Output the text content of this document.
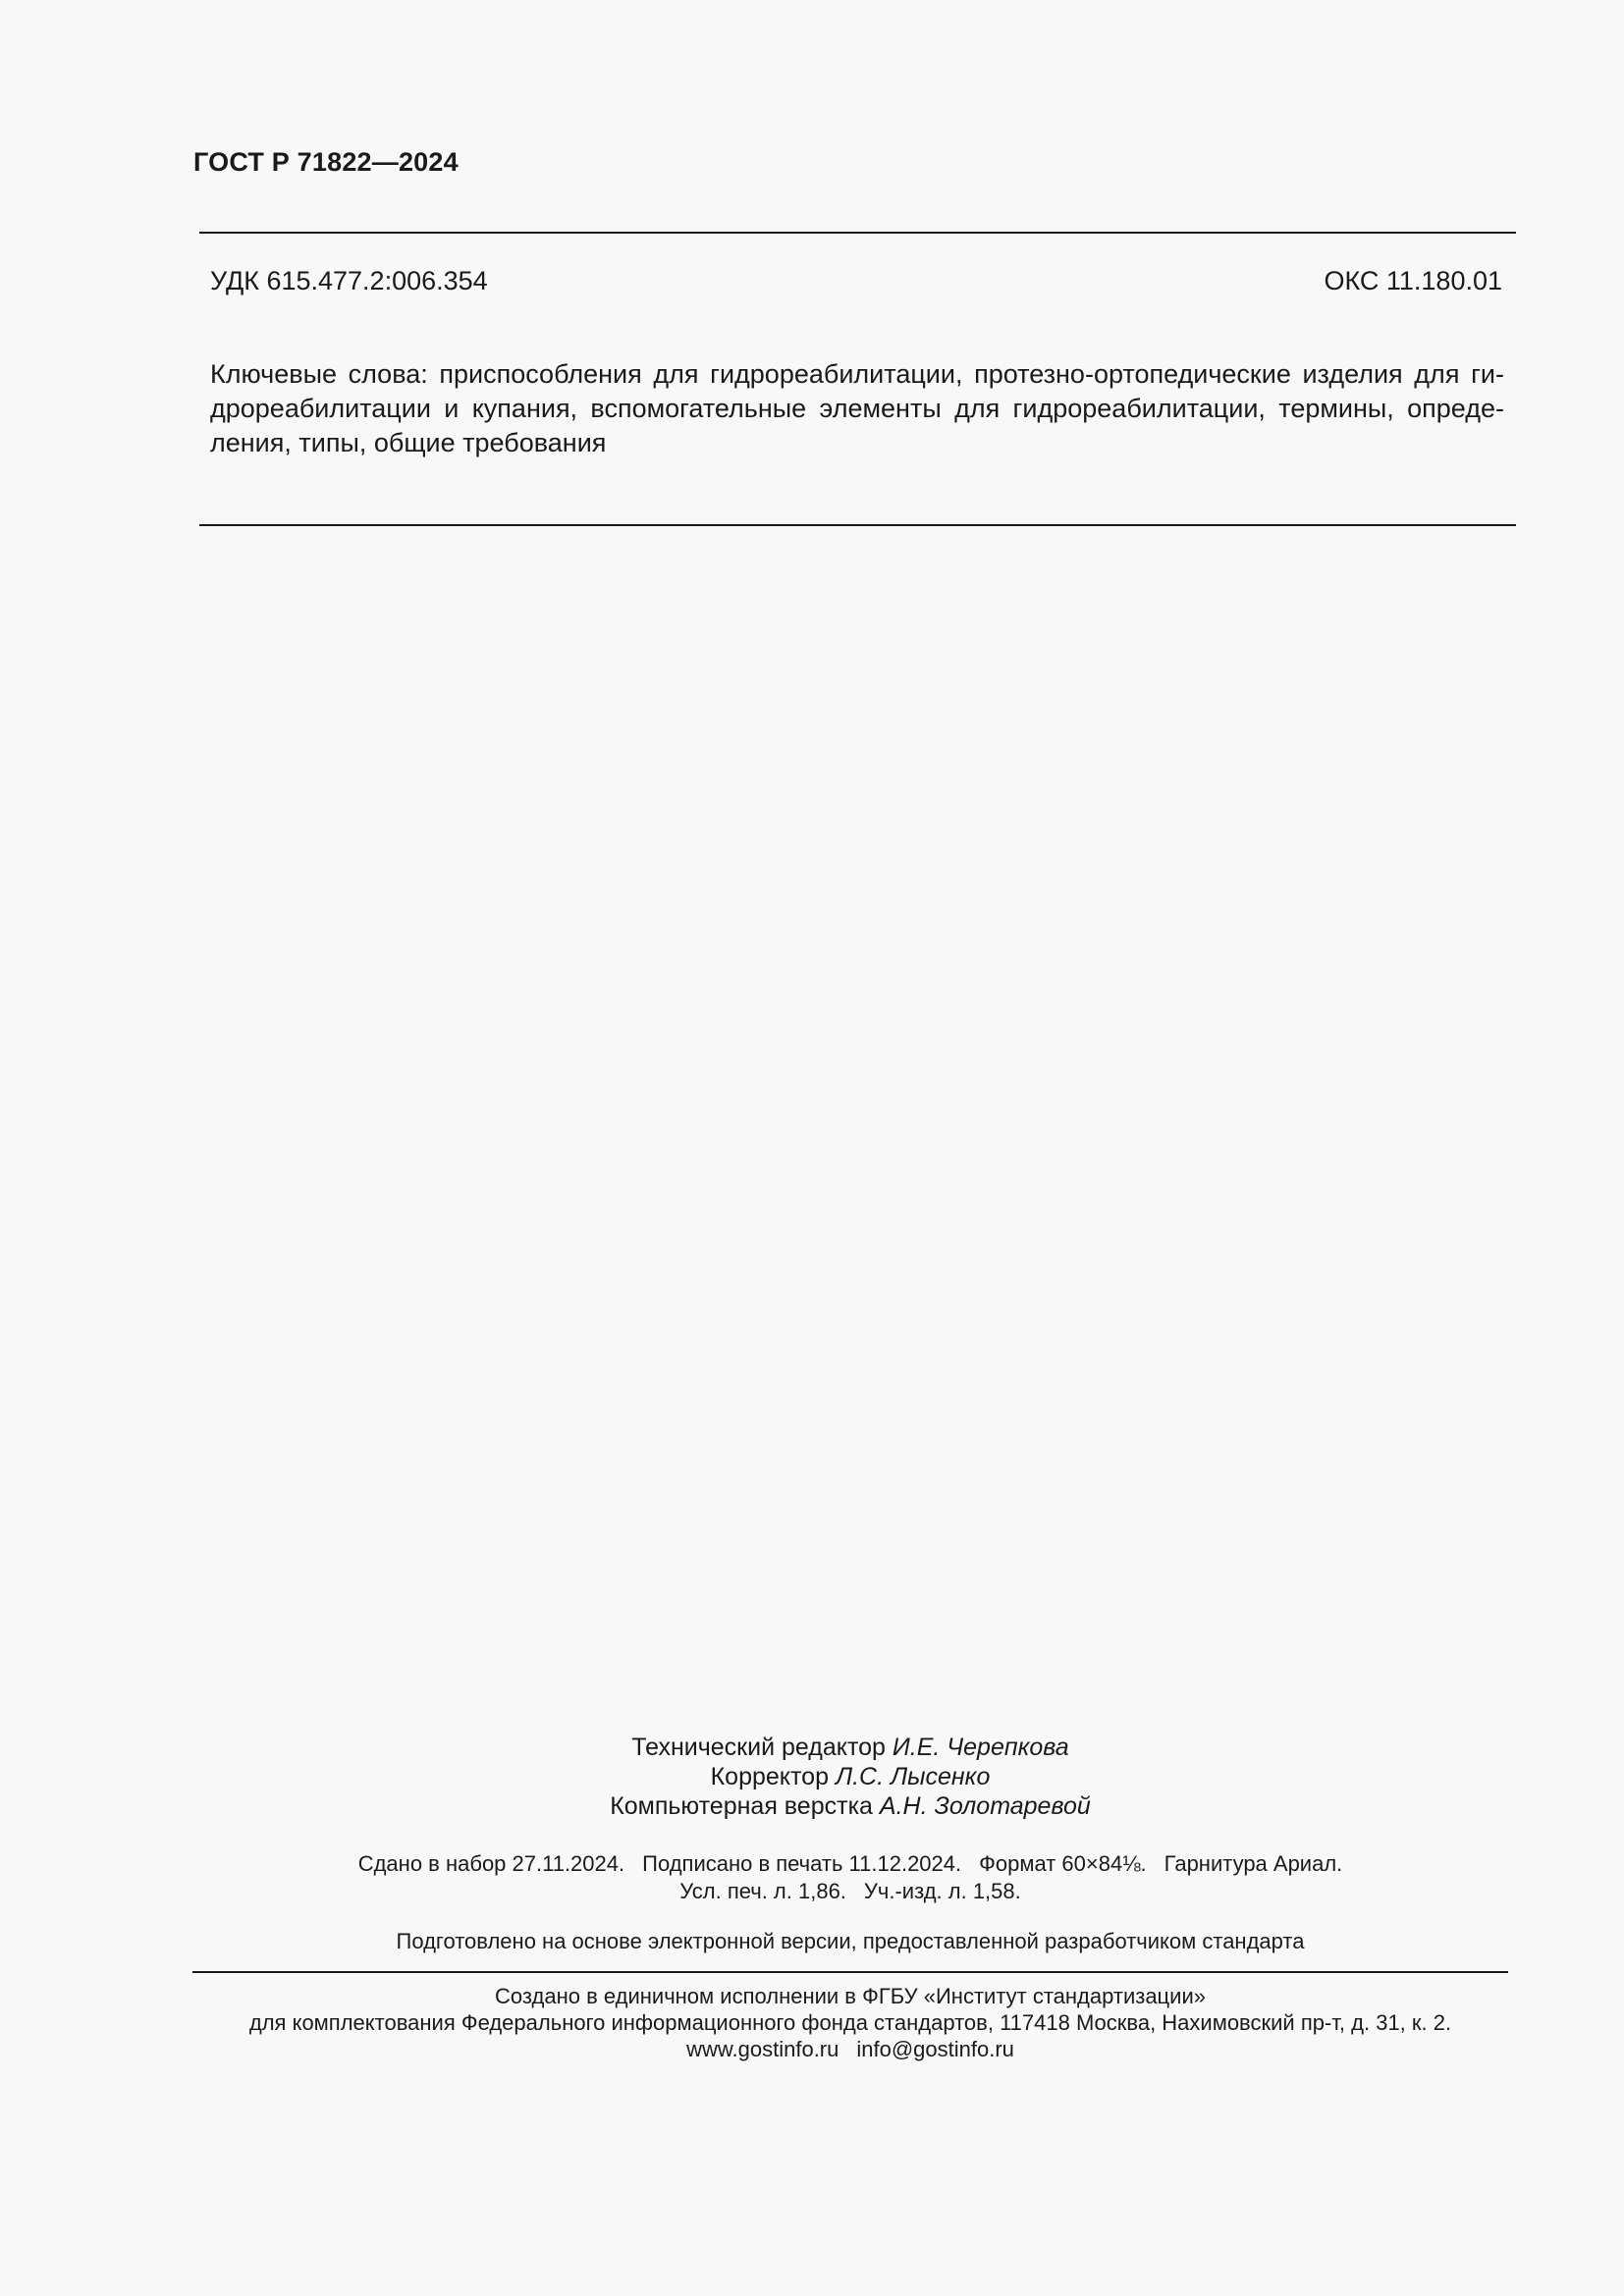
ГОСТ Р 71822—2024
УДК 615.477.2:006.354	ОКС 11.180.01
Ключевые слова: приспособления для гидрореабилитации, протезно-ортопедические изделия для ги-
дрореабилитации и купания, вспомогательные элементы для гидрореабилитации, термины, опреде-
ления, типы, общие требования
Технический редактор И.Е. Черепкова
Корректор Л.С. Лысенко
Компьютерная верстка А.Н. Золотаревой
Сдано в набор 27.11.2024. Подписано в печать 11.12.2024. Формат 60×84⅛. Гарнитура Ариал.
Усл. печ. л. 1,86. Уч.-изд. л. 1,58.
Подготовлено на основе электронной версии, предоставленной разработчиком стандарта
Создано в единичном исполнении в ФГБУ «Институт стандартизации»
для комплектования Федерального информационного фонда стандартов, 117418 Москва, Нахимовский пр-т, д. 31, к. 2.
www.gostinfo.ru info@gostinfo.ru
